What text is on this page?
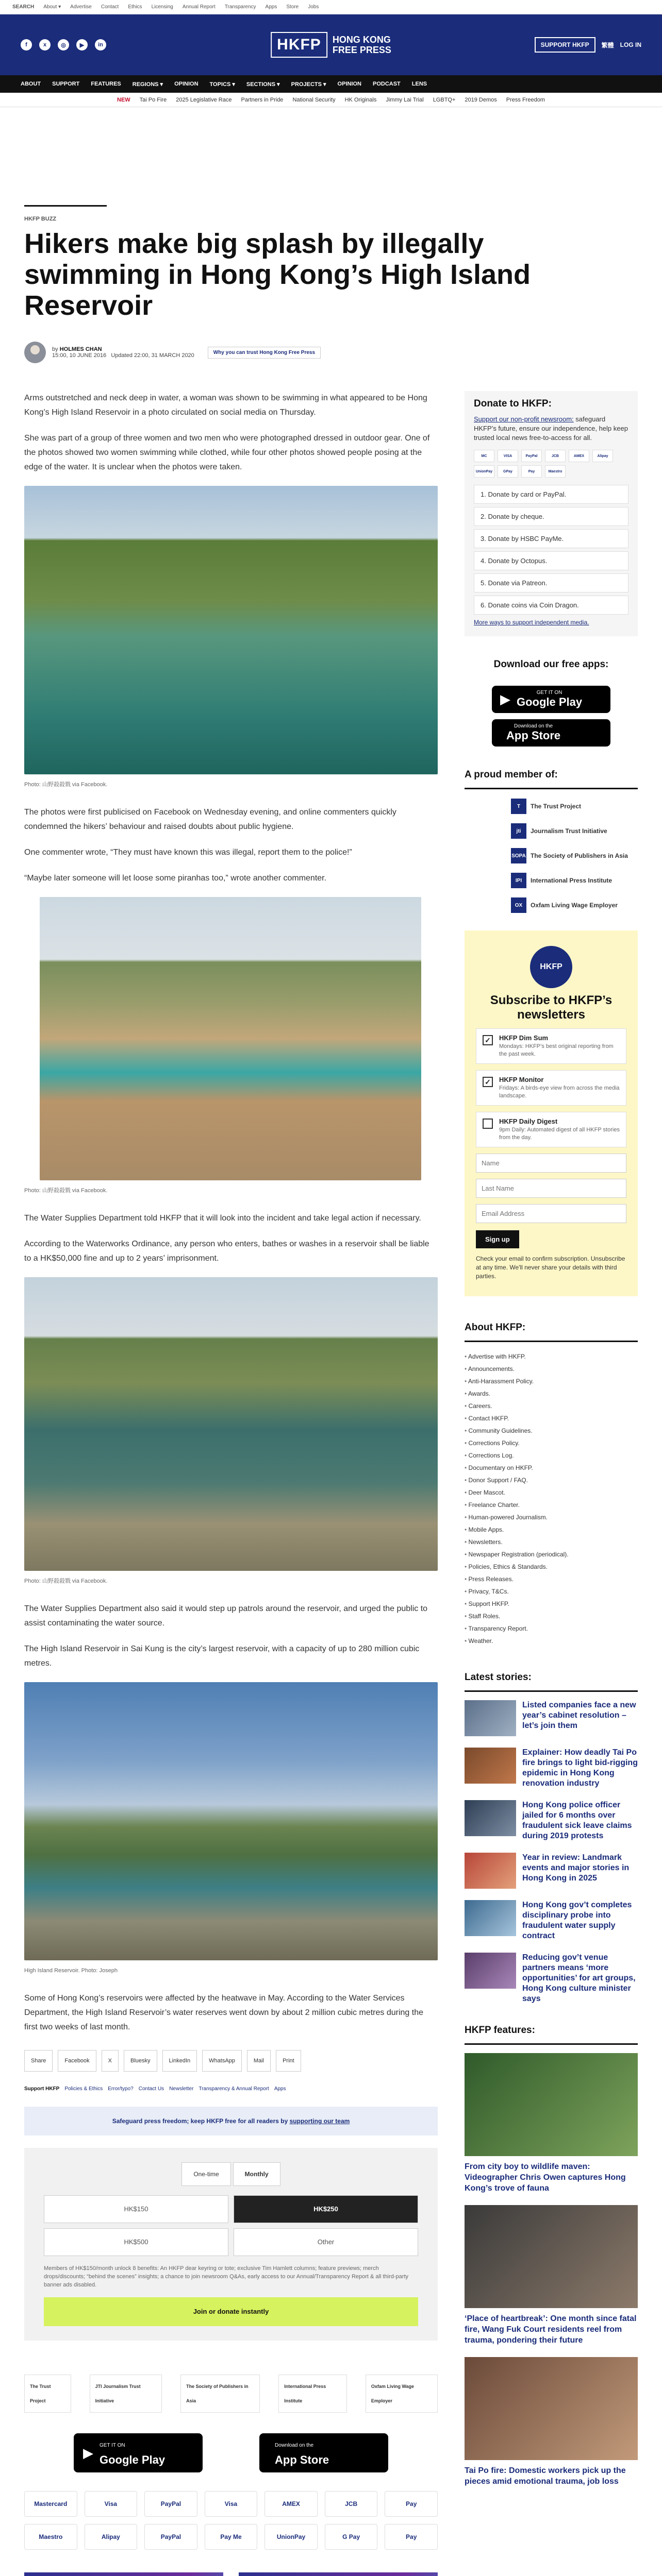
SEARCH About ▾ Advertise Contact Ethics Licensing Annual Report Transparency Apps Store Jobs
f	x	◎	▶	in	HKFP	HONG KONG
FREE PRESS	SUPPORT HKFP	繁體 LOG IN
ABOUT SUPPORT FEATURES REGIONS ▾ OPINION TOPICS ▾ SECTIONS ▾ PROJECTS ▾ OPINION PODCAST LENS
NEW Tai Po Fire 2025 Legislative Race Partners in Pride National Security HK Originals Jimmy Lai Trial LGBTQ+ 2019 Demos Press Freedom
HKFP BUZZ
Hikers make big splash by illegally swimming in Hong Kong’s High Island Reservoir
by HOLMES CHAN
15:00, 10 JUNE 2016 Updated 22:00, 31 MARCH 2020	Why you can trust Hong Kong Free Press

Arms outstretched and neck deep in water, a woman was shown to be swimming in what appeared to be Hong Kong’s High Island Reservoir in a photo circulated on social media on Thursday.

She was part of a group of three women and two men who were photographed dressed in outdoor gear. One of the photos showed two women swimming while clothed, while four other photos showed people posing at the edge of the water. It is unclear when the photos were taken.

Photo: 山野殺殺戮 via Facebook.

The photos were first publicised on Facebook on Wednesday evening, and online commenters quickly condemned the hikers’ behaviour and raised doubts about public hygiene.

One commenter wrote, “They must have known this was illegal, report them to the police!”

“Maybe later someone will let loose some piranhas too,” wrote another commenter.

Photo: 山野殺殺戮 via Facebook.

The Water Supplies Department told HKFP that it will look into the incident and take legal action if necessary.

According to the Waterworks Ordinance, any person who enters, bathes or washes in a reservoir shall be liable to a HK$50,000 fine and up to 2 years’ imprisonment.

Photo: 山野殺殺戮 via Facebook.

The Water Supplies Department also said it would step up patrols around the reservoir, and urged the public to assist contaminating the water source.

The High Island Reservoir in Sai Kung is the city’s largest reservoir, with a capacity of up to 280 million cubic metres.

High Island Reservoir. Photo: Joseph

Some of Hong Kong’s reservoirs were affected by the heatwave in May. According to the Water Services Department, the High Island Reservoir’s water reserves went down by about 2 million cubic metres during the first two weeks of last month.

Share	Facebook	X	Bluesky	LinkedIn	WhatsApp	Mail	Print
Support HKFP Policies & Ethics Error/typo? Contact Us Newsletter Transparency & Annual Report Apps
Safeguard press freedom; keep HKFP free for all readers by supporting our team
One-time	Monthly
HK$150	HK$250
HK$500	Other
Members of HK$150/month unlock 8 benefits: An HKFP dear keyring or tote; exclusive Tim Hamlett columns; feature previews; merch drops/discounts; “behind the scenes” insights; a chance to join newsroom Q&As, early access to our Annual/Transparency Report & all third-party banner ads disabled.
Join or donate instantly
The Trust Project
JTI Journalism Trust Initiative
The Society of Publishers in Asia
International Press Institute
Oxfam Living Wage Employer
▶ GET IT ON
Google Play
Download on the
App Store
Mastercard	Visa	PayPal	Visa	AMEX	JCB	Pay
Maestro	Alipay	PayPal	Pay Me	UnionPay	G Pay	Pay
Donate to HKFP:

Support our non-profit newsroom: safeguard HKFP’s future, ensure our independence, help keep trusted local news free-to-access for all.

MC	VISA	PayPal	JCB	AMEX	Alipay
UnionPay	GPay	Pay	Maestro
1. Donate by card or PayPal.
2. Donate by cheque.
3. Donate by HSBC PayMe.
4. Donate by Octopus.
5. Donate via Patreon.
6. Donate coins via Coin Dragon.
More ways to support independent media.
Download our free apps:
▶	GET IT ON
Google Play
Download on the
App Store
A proud member of:
T	The Trust Project
jti	Journalism Trust Initiative
SOPA The Society of Publishers in Asia
IPI	International Press Institute
OX	Oxfam Living Wage Employer
HKFP
Subscribe to HKFP’s newsletters
✓	HKFP Dim Sum
Mondays: HKFP’s best original reporting from the past week.
✓	HKFP Monitor
Fridays: A birds-eye view from across the media landscape.
HKFP Daily Digest
9pm Daily: Automated digest of all HKFP stories from the day.
Name Last Name Email Address
Sign up
Check your email to confirm subscription. Unsubscribe at any time. We'll never share your details with third parties.
About HKFP:
• Advertise with HKFP.
• Announcements.
• Anti-Harassment Policy.
• Awards.
• Careers.
• Contact HKFP.
• Community Guidelines.
• Corrections Policy.
• Corrections Log.
• Documentary on HKFP.
• Donor Support / FAQ.
• Deer Mascot.
• Freelance Charter.
• Human-powered Journalism.
• Mobile Apps.
• Newsletters.
• Newspaper Registration (periodical).
• Policies, Ethics & Standards.
• Press Releases.
• Privacy, T&Cs.
• Support HKFP.
• Staff Roles.
• Transparency Report.
• Weather.
Latest stories:
Listed companies face a new year’s cabinet resolution – let’s join them
Explainer: How deadly Tai Po fire brings to light bid-rigging epidemic in Hong Kong renovation industry
Hong Kong police officer jailed for 6 months over fraudulent sick leave claims during 2019 protests
Year in review: Landmark events and major stories in Hong Kong in 2025
Hong Kong gov’t completes disciplinary probe into fraudulent water supply contract
Reducing gov’t venue partners means ‘more opportunities’ for art groups, Hong Kong culture minister says
HKFP features:
From city boy to wildlife maven: Videographer Chris Owen captures Hong Kong’s trove of fauna
‘Place of heartbreak’: One month since fatal fire, Wang Fuk Court residents reel from trauma, pondering their future
Tai Po fire: Domestic workers pick up the pieces amid emotional trauma, job loss
